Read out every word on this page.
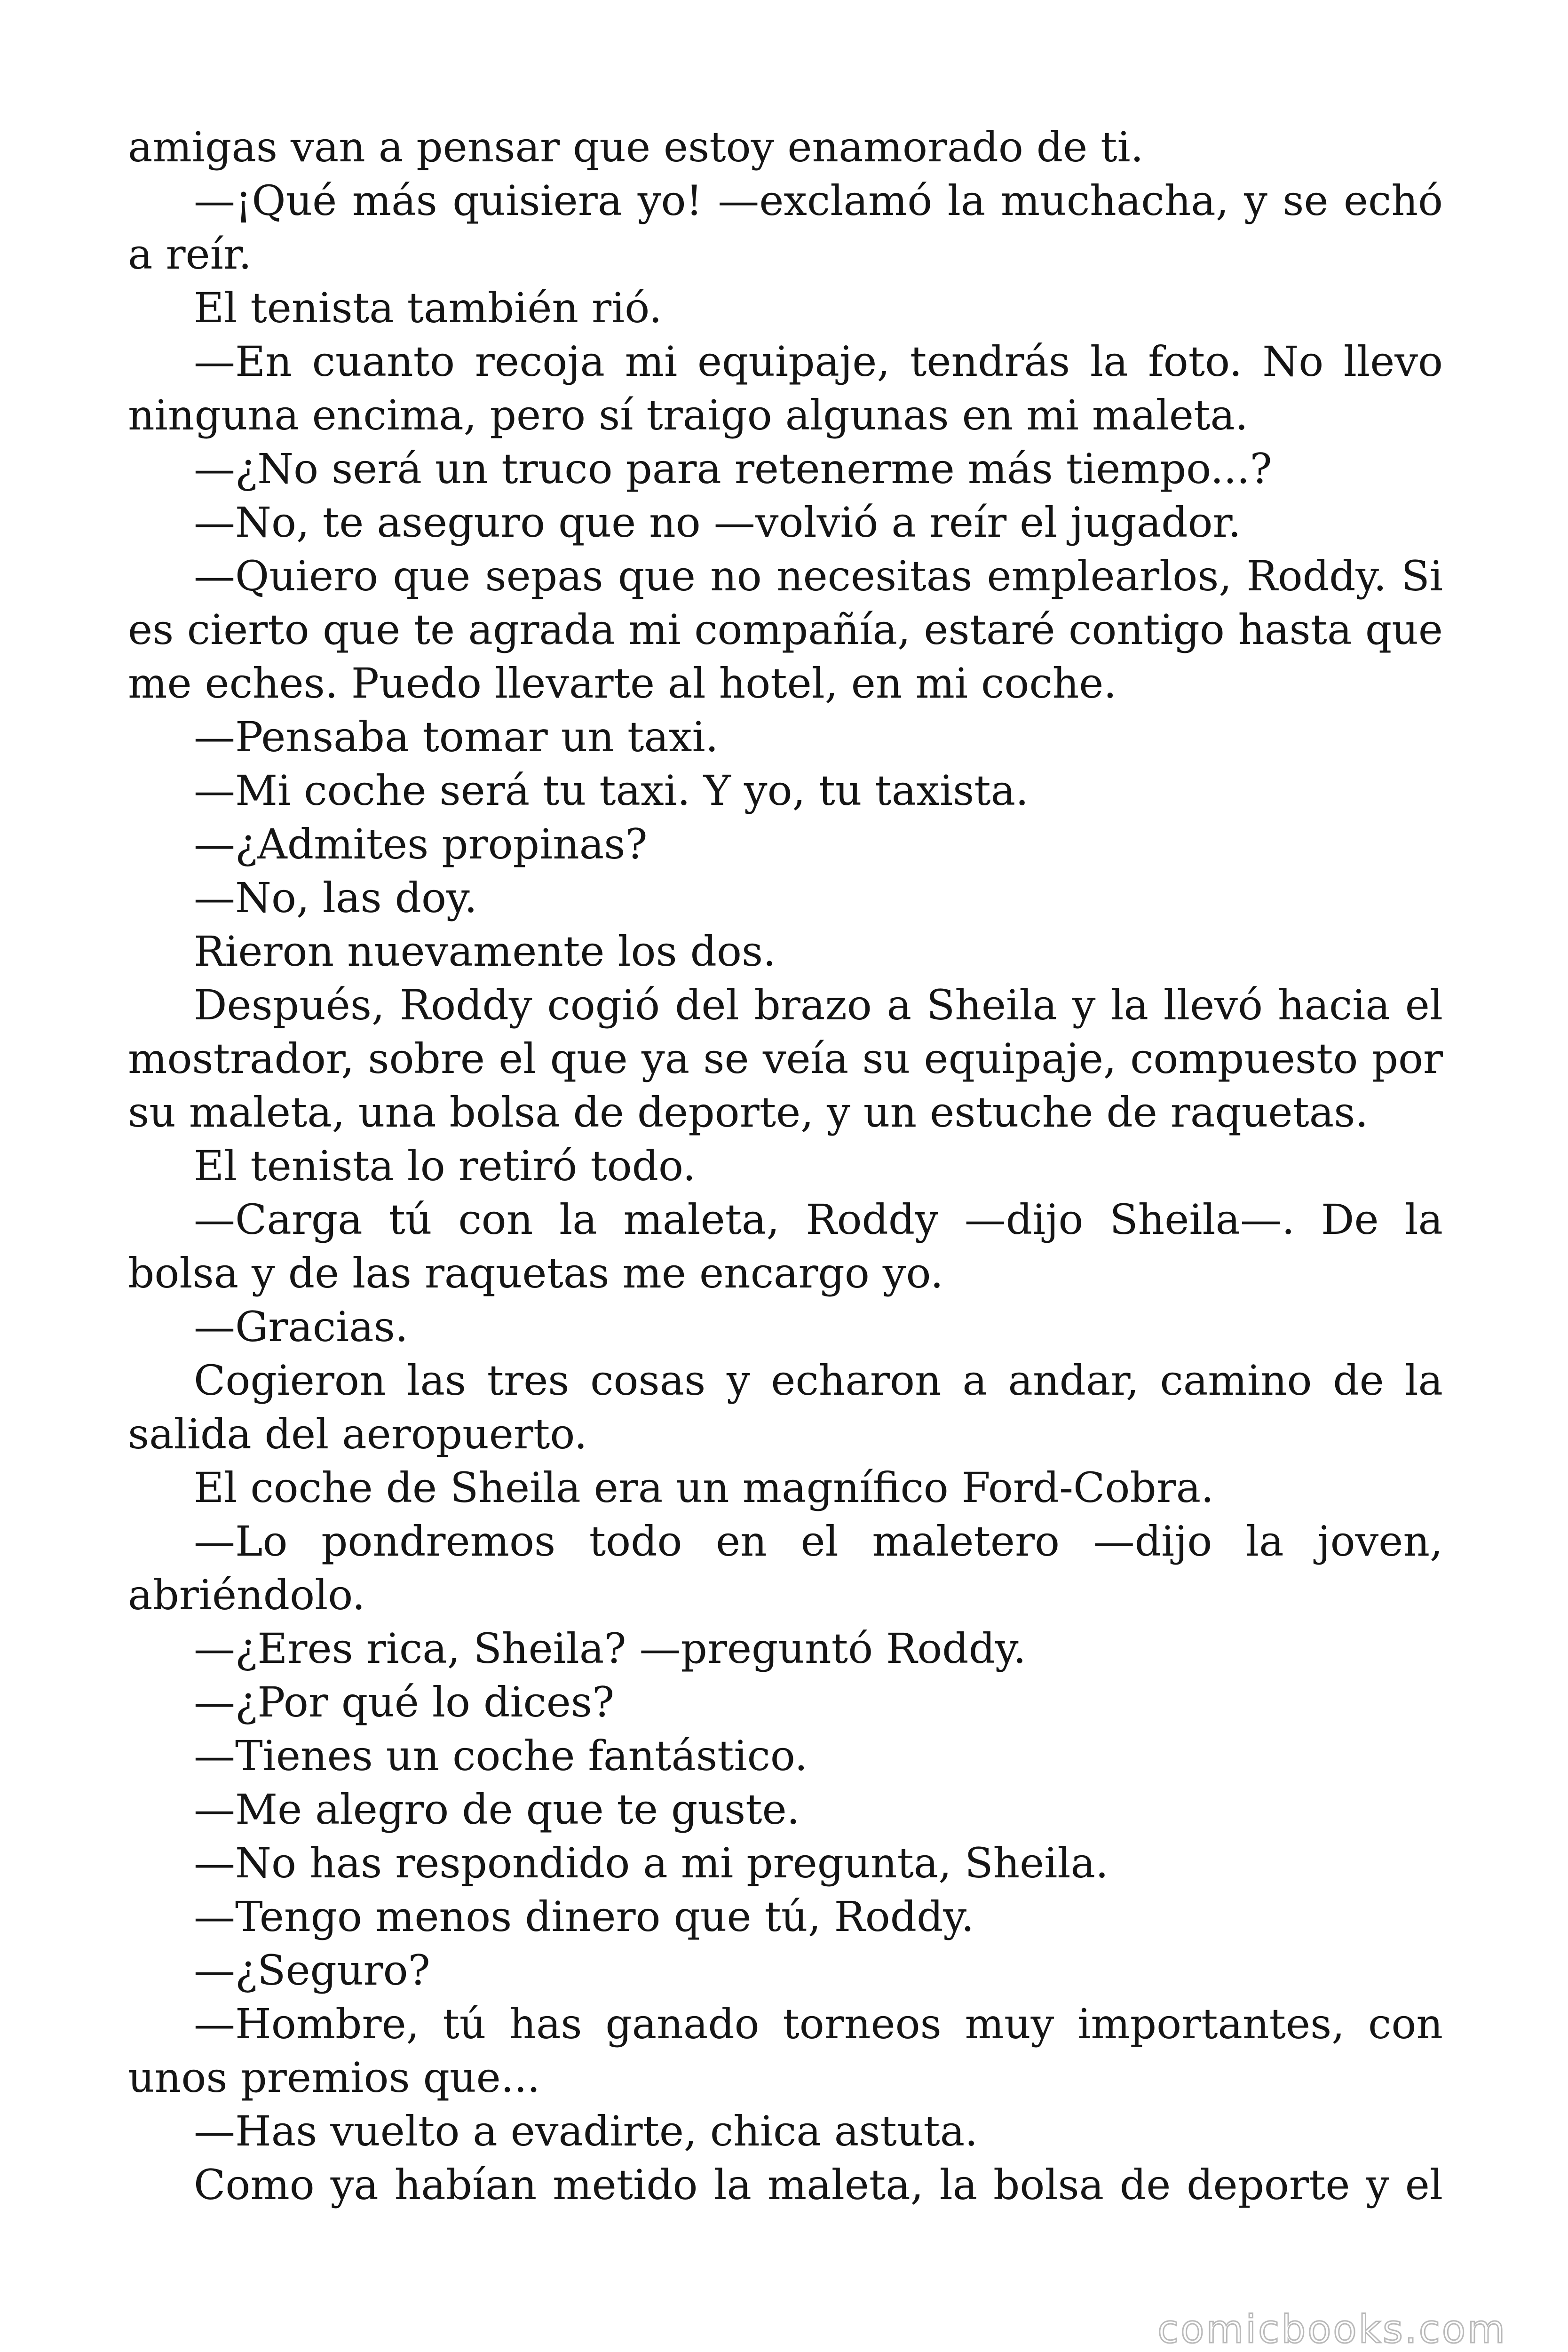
amigas van a pensar que estoy enamorado de ti.

—¡Qué más quisiera yo! —exclamó la muchacha, y se echó a reír.

El tenista también rió.

—En cuanto recoja mi equipaje, tendrás la foto. No llevo ninguna encima, pero sí traigo algunas en mi maleta.

—¿No será un truco para retenerme más tiempo...?

—No, te aseguro que no —volvió a reír el jugador.

—Quiero que sepas que no necesitas emplearlos, Roddy. Si es cierto que te agrada mi compañía, estaré contigo hasta que me eches. Puedo llevarte al hotel, en mi coche.

—Pensaba tomar un taxi.

—Mi coche será tu taxi. Y yo, tu taxista.

—¿Admites propinas?

—No, las doy.

Rieron nuevamente los dos.

Después, Roddy cogió del brazo a Sheila y la llevó hacia el mostrador, sobre el que ya se veía su equipaje, compuesto por su maleta, una bolsa de deporte, y un estuche de raquetas.

El tenista lo retiró todo.

—Carga tú con la maleta, Roddy —dijo Sheila—. De la bolsa y de las raquetas me encargo yo.

—Gracias.

Cogieron las tres cosas y echaron a andar, camino de la salida del aeropuerto.

El coche de Sheila era un magnífico Ford-Cobra.

—Lo pondremos todo en el maletero —dijo la joven, abriéndolo.

—¿Eres rica, Sheila? —preguntó Roddy.

—¿Por qué lo dices?

—Tienes un coche fantástico.

—Me alegro de que te guste.

—No has respondido a mi pregunta, Sheila.

—Tengo menos dinero que tú, Roddy.

—¿Seguro?

—Hombre, tú has ganado torneos muy importantes, con unos premios que...

—Has vuelto a evadirte, chica astuta.

Como ya habían metido la maleta, la bolsa de deporte y el

comicbooks.com
